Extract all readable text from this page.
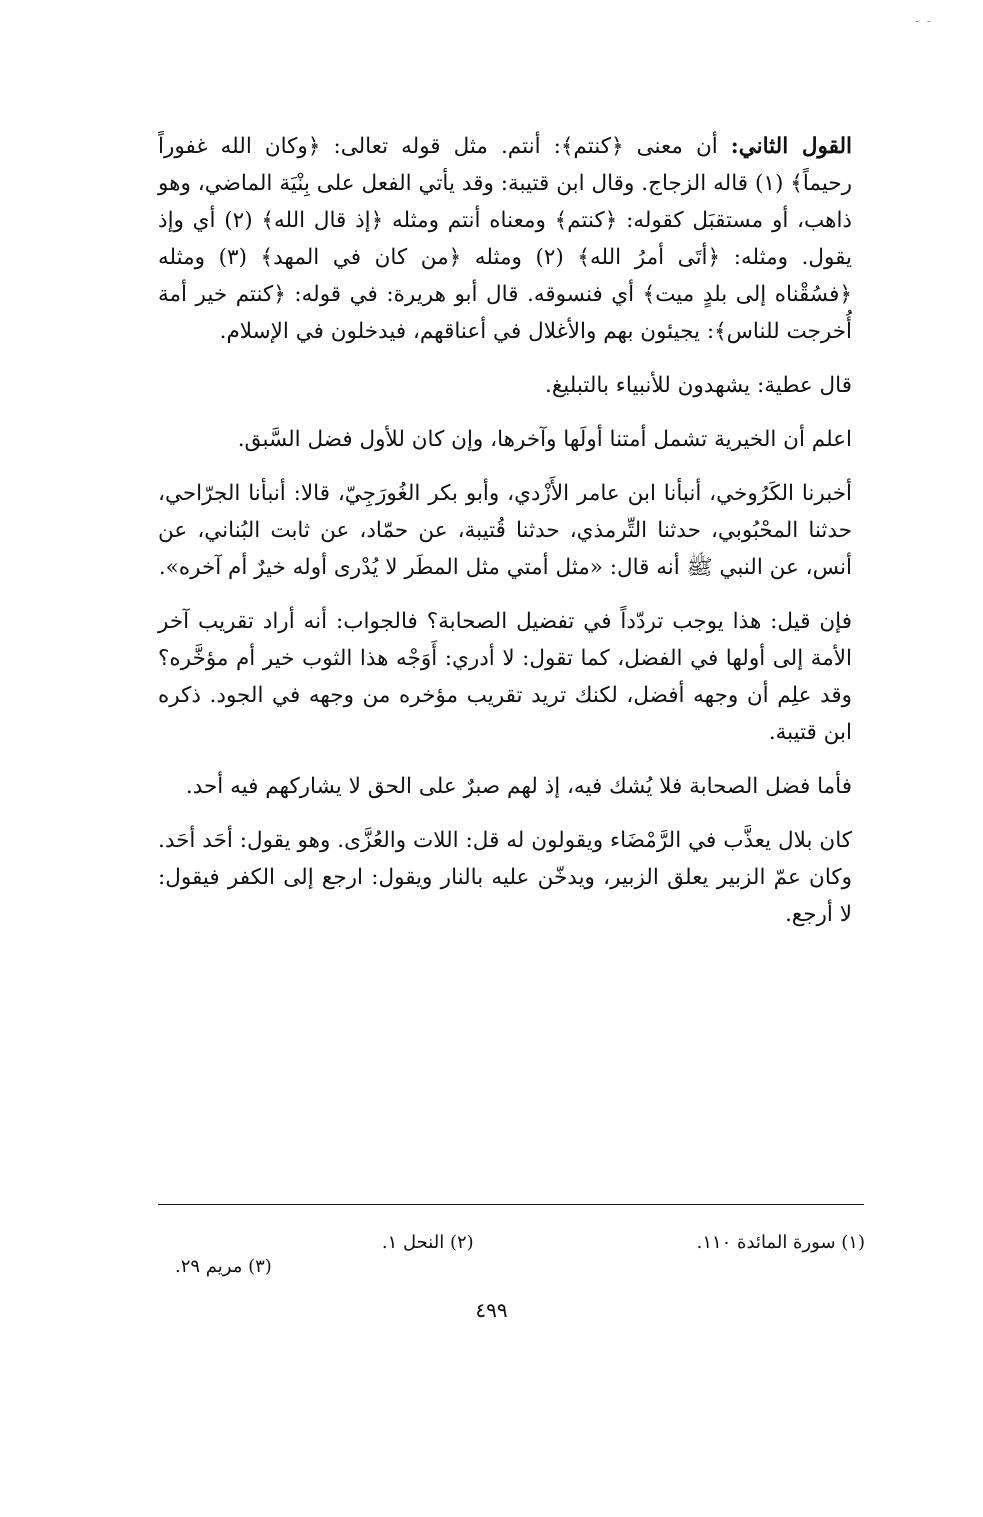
- -

القول الثاني: أن معنى ﴿كنتم﴾: أنتم. مثل قوله تعالى: ﴿وكان الله غفوراً رحيماً﴾ (١) قاله الزجاج. وقال ابن قتيبة: وقد يأتي الفعل على بِنْيَة الماضي، وهو ذاهب، أو مستقبَل كقوله: ﴿كنتم﴾ ومعناه أنتم ومثله ﴿إذ قال الله﴾ (٢) أي وإذ يقول. ومثله: ﴿أتَى أمرُ الله﴾ (٢) ومثله ﴿من كان في المهد﴾ (٣) ومثله ﴿فسُقْناه إلى بلدٍ ميت﴾ أي فنسوقه. قال أبو هريرة: في قوله: ﴿كنتم خير أمة أُخرجت للناس﴾: يجيئون بهم والأغلال في أعناقهم، فيدخلون في الإسلام.

قال عطية: يشهدون للأنبياء بالتبليغ.

اعلم أن الخيرية تشمل أمتنا أولَها وآخرها، وإن كان للأول فضل السَّبق.

أخبرنا الكَرُوخي، أنبأنا ابن عامر الأَزْدي، وأبو بكر الغُورَجِيّ، قالا: أنبأنا الجرّاحي، حدثنا المحْبُوبي، حدثنا التِّرمذي، حدثنا قُتيبة، عن حمّاد، عن ثابت البُناني، عن أنس، عن النبي ﷺ أنه قال: «مثل أمتي مثل المطَر لا يُدْرى أوله خيرٌ أم آخره».

فإن قيل: هذا يوجب تردّداً في تفضيل الصحابة؟ فالجواب: أنه أراد تقريب آخر الأمة إلى أولها في الفضل، كما تقول: لا أدري: أَوَجْه هذا الثوب خير أم مؤخَّره؟ وقد علِم أن وجهه أفضل، لكنك تريد تقريب مؤخره من وجهه في الجود. ذكره ابن قتيبة.

فأما فضل الصحابة فلا يُشك فيه، إذ لهم صبرٌ على الحق لا يشاركهم فيه أحد.

كان بلال يعذَّب في الرَّمْضَاء ويقولون له قل: اللات والعُزَّى. وهو يقول: أحَد أحَد. وكان عمّ الزبير يعلق الزبير، ويدخّن عليه بالنار ويقول: ارجع إلى الكفر فيقول: لا أرجع.

(١) سورة المائدة ١١٠.
(٢) النحل ١.
(٣) مريم ٢٩.
٤٩٩
